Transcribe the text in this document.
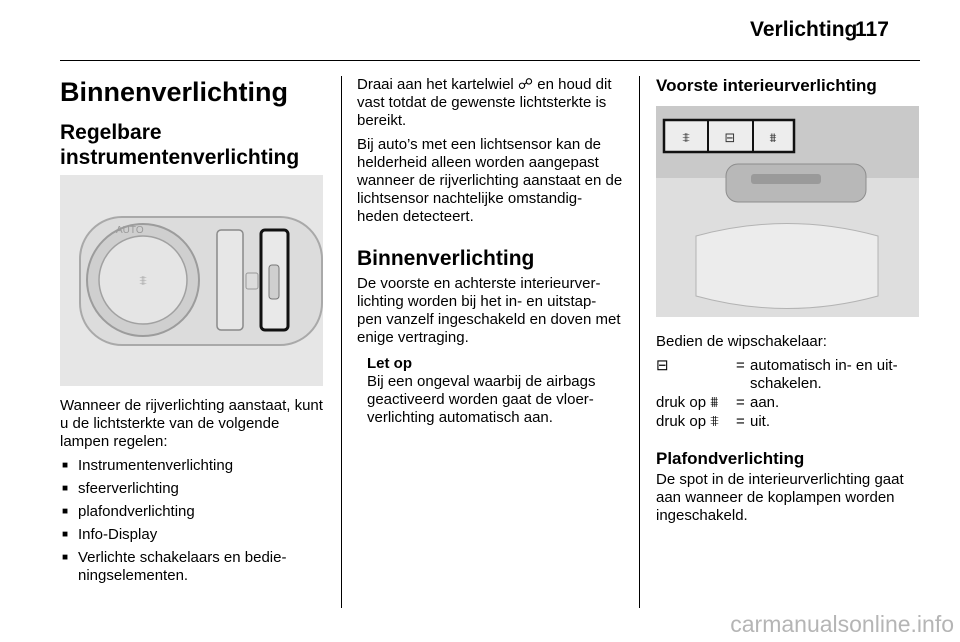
Verlichting
117
Binnenverlichting
Regelbare instrumentenverlichting
⩨
AUTO

Wanneer de rijverlichting aanstaat, kunt u de lichtsterkte van de volgende lampen regelen:

■ Instrumentenverlichting
■ sfeerverlichting
■ plafondverlichting
■ Info-Display
■ Verlichte schakelaars en bedie- ningselementen.

Draai aan het kartelwiel ☍ en houd dit vast totdat de gewenste lichtsterkte is bereikt.

Bij auto’s met een lichtsensor kan de helderheid alleen worden aangepast wanneer de rijverlichting aanstaat en de lichtsensor nachtelijke omstandig- heden detecteert.

Binnenverlichting

De voorste en achterste interieurver- lichting worden bij het in- en uitstap- pen vanzelf ingeschakeld en doven met enige vertraging.

Let op
Bij een ongeval waarbij de airbags geactiveerd worden gaat de vloer- verlichting automatisch aan.
Voorste interieurverlichting
⩨	⊟	⩩

Bedien de wipschakelaar:

⊟	= automatisch in- en uit- schakelen.
druk op ⩩	= aan.
druk op ⩨	= uit.
Plafondverlichting

De spot in de interieurverlichting gaat aan wanneer de koplampen worden ingeschakeld.

carmanualsonline.info
